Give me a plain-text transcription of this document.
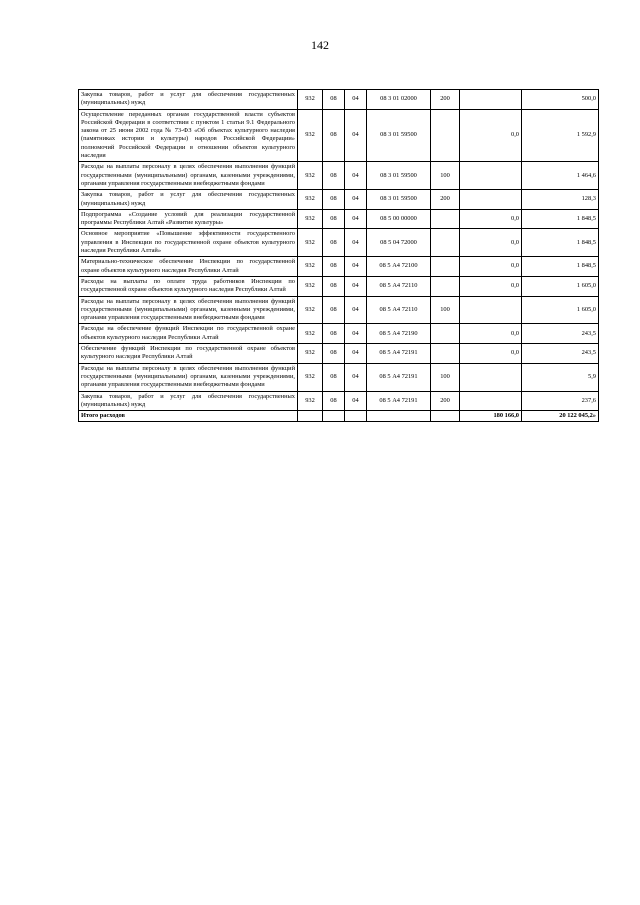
142
Закупка товаров, работ и услуг для обеспечения государственных (муниципальных) нужд	932	08	04	08 3 01 02000	200		500,0
Осуществление переданных органам государственной власти субъектов Российской Федерации в соответствии с пунктом 1 статьи 9.1 Федерального закона от 25 июня 2002 года № 73-ФЗ «Об объектах культурного наследия (памятниках истории и культуры) народов Российской Федерации» полномочий Российской Федерации в отношении объектов культурного наследия	932	08	04	08 3 01 59500		0,0	1 592,9
Расходы на выплаты персоналу в целях обеспечения выполнения функций государственными (муниципальными) органами, казенными учреждениями, органами управления государственными внебюджетными фондами	932	08	04	08 3 01 59500	100		1 464,6
Закупка товаров, работ и услуг для обеспечения государственных (муниципальных) нужд	932	08	04	08 3 01 59500	200		128,3
Подпрограмма «Создание условий для реализации государственной программы Республики Алтай «Развитие культуры»	932	08	04	08 5 00 00000		0,0	1 848,5
Основное мероприятие «Повышение эффективности государственного управления в Инспекции по государственной охране объектов культурного наследия Республики Алтай»	932	08	04	08 5 04 72000		0,0	1 848,5
Материально-техническое обеспечение Инспекции по государственной охране объектов культурного наследия Республики Алтай	932	08	04	08 5 А4 72100		0,0	1 848,5
Расходы на выплаты по оплате труда работников Инспекции по государственной охране объектов культурного наследия Республики Алтай	932	08	04	08 5 А4 72110		0,0	1 605,0
Расходы на выплаты персоналу в целях обеспечения выполнения функций государственными (муниципальными) органами, казенными учреждениями, органами управления государственными внебюджетными фондами	932	08	04	08 5 А4 72110	100		1 605,0
Расходы на обеспечение функций Инспекции по государственной охране объектов культурного наследия Республики Алтай	932	08	04	08 5 А4 72190		0,0	243,5
Обеспечение функций Инспекции по государственной охране объектов культурного наследия Республики Алтай	932	08	04	08 5 А4 72191		0,0	243,5
Расходы на выплаты персоналу в целях обеспечения выполнения функций государственными (муниципальными) органами, казенными учреждениями, органами управления государственными внебюджетными фондами	932	08	04	08 5 А4 72191	100		5,9
Закупка товаров, работ и услуг для обеспечения государственных (муниципальных) нужд	932	08	04	08 5 А4 72191	200		237,6
Итого расходов						180 166,0	20 122 045,2»
